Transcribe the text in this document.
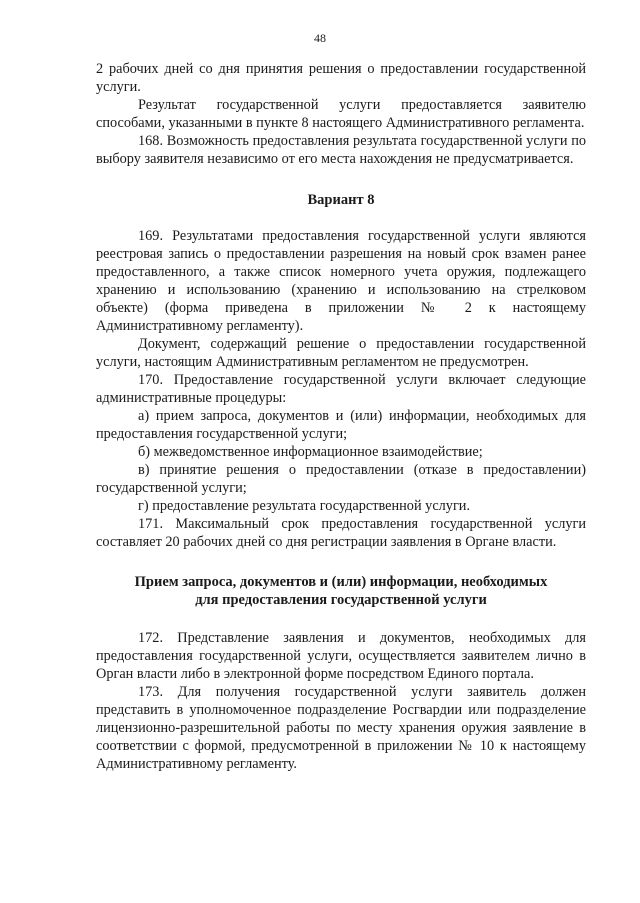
48

2 рабочих дней со дня принятия решения о предоставлении государственной услуги.

Результат государственной услуги предоставляется заявителю способами, указанными в пункте 8 настоящего Административного регламента.

168. Возможность предоставления результата государственной услуги по выбору заявителя независимо от его места нахождения не предусматривается.

Вариант 8

169. Результатами предоставления государственной услуги являются реестровая запись о предоставлении разрешения на новый срок взамен ранее предоставленного, а также список номерного учета оружия, подлежащего хранению и использованию (хранению и использованию на стрелковом объекте) (форма приведена в приложении № 2 к настоящему Административному регламенту).

Документ, содержащий решение о предоставлении государственной услуги, настоящим Административным регламентом не предусмотрен.

170. Предоставление государственной услуги включает следующие административные процедуры:

а) прием запроса, документов и (или) информации, необходимых для предоставления государственной услуги;

б) межведомственное информационное взаимодействие;

в) принятие решения о предоставлении (отказе в предоставлении) государственной услуги;

г) предоставление результата государственной услуги.

171. Максимальный срок предоставления государственной услуги составляет 20 рабочих дней со дня регистрации заявления в Органе власти.

Прием запроса, документов и (или) информации, необходимых

для предоставления государственной услуги

172. Представление заявления и документов, необходимых для предоставления государственной услуги, осуществляется заявителем лично в Орган власти либо в электронной форме посредством Единого портала.

173. Для получения государственной услуги заявитель должен представить в уполномоченное подразделение Росгвардии или подразделение лицензионно-разрешительной работы по месту хранения оружия заявление в соответствии с формой, предусмотренной в приложении № 10 к настоящему Административному регламенту.
